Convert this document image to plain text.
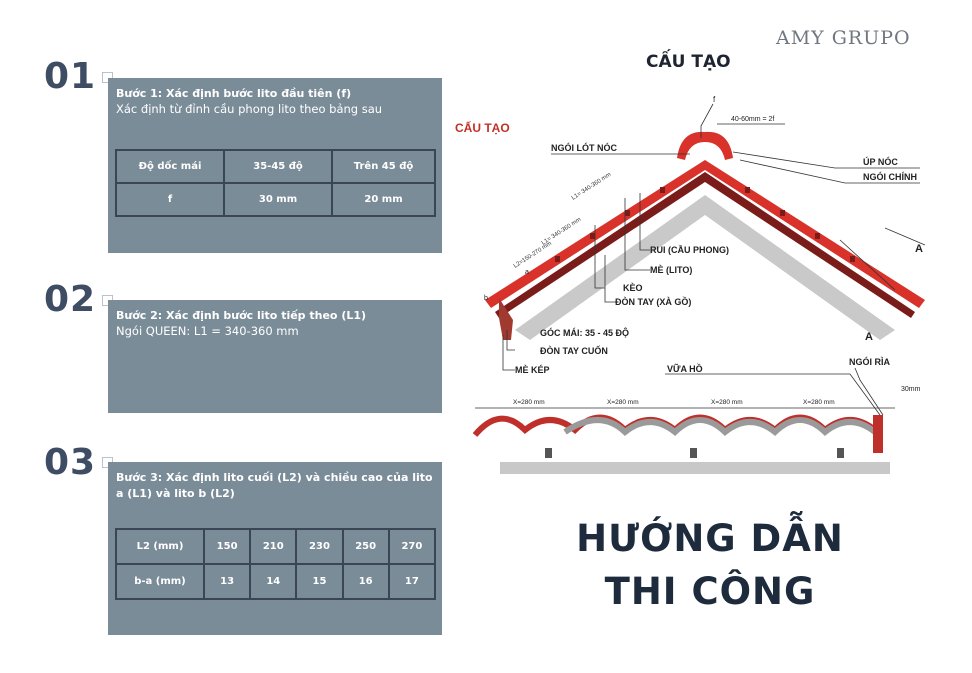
AMY GRUPO
CẤU TẠO
01 Bước 1: Xác định bước lito đầu tiên (f)
Xác định từ đỉnh cầu phong lito theo bảng sau
Độ dốc mái	35-45 độ	Trên 45 độ
f	30 mm	20 mm
02 Bước 2: Xác định bước lito tiếp theo (L1)
Ngói QUEEN: L1 = 340-360 mm
03 Bước 3: Xác định lito cuối (L2) và chiều cao của lito
a (L1) và lito b (L2)
L2 (mm)	150	210	230	250	270
b-a (mm)	13	14	15	16	17
CẤU TẠO
NGÓI LÓT NÓC
ÚP NÓC
NGÓI CHÍNH
f
40-60mm = 2f
RUI (CẦU PHONG)
MÈ (LITO)
KÈO
ĐÒN TAY (XÀ GỒ)
GÓC MÁI: 35 - 45 ĐỘ
ĐÒN TAY CUỐN
MÈ KÉP
A
A
b
a
L2=150-270 mm
L1= 340-360 mm
L1= 340-360 mm
VỮA HỒ
NGÓI RÌA
30mm
X=280 mm	X=280 mm	X=280 mm	X=280 mm
HƯỚNG DẪN
THI CÔNG
